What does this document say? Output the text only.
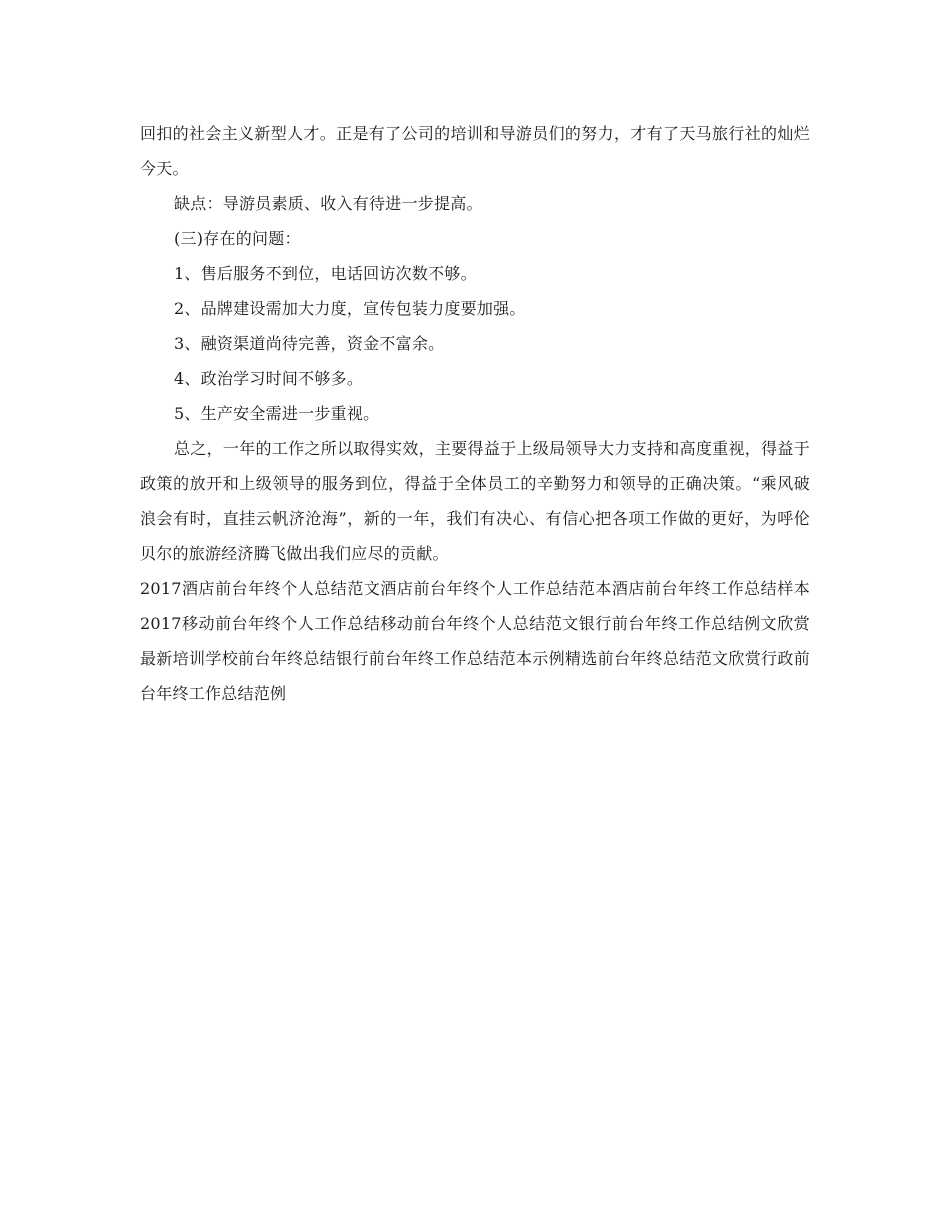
回扣的社会主义新型人才。正是有了公司的培训和导游员们的努力，才有了天马旅行社的灿烂今天。

缺点：导游员素质、收入有待进一步提高。

(三)存在的问题：

1、售后服务不到位，电话回访次数不够。

2、品牌建设需加大力度，宣传包装力度要加强。

3、融资渠道尚待完善，资金不富余。

4、政治学习时间不够多。

5、生产安全需进一步重视。

总之，一年的工作之所以取得实效，主要得益于上级局领导大力支持和高度重视，得益于政策的放开和上级领导的服务到位，得益于全体员工的辛勤努力和领导的正确决策。“乘风破浪会有时，直挂云帆济沧海”，新的一年，我们有决心、有信心把各项工作做的更好，为呼伦贝尔的旅游经济腾飞做出我们应尽的贡献。

2017酒店前台年终个人总结范文酒店前台年终个人工作总结范本酒店前台年终工作总结样本2017移动前台年终个人工作总结移动前台年终个人总结范文银行前台年终工作总结例文欣赏最新培训学校前台年终总结银行前台年终工作总结范本示例精选前台年终总结范文欣赏行政前台年终工作总结范例
